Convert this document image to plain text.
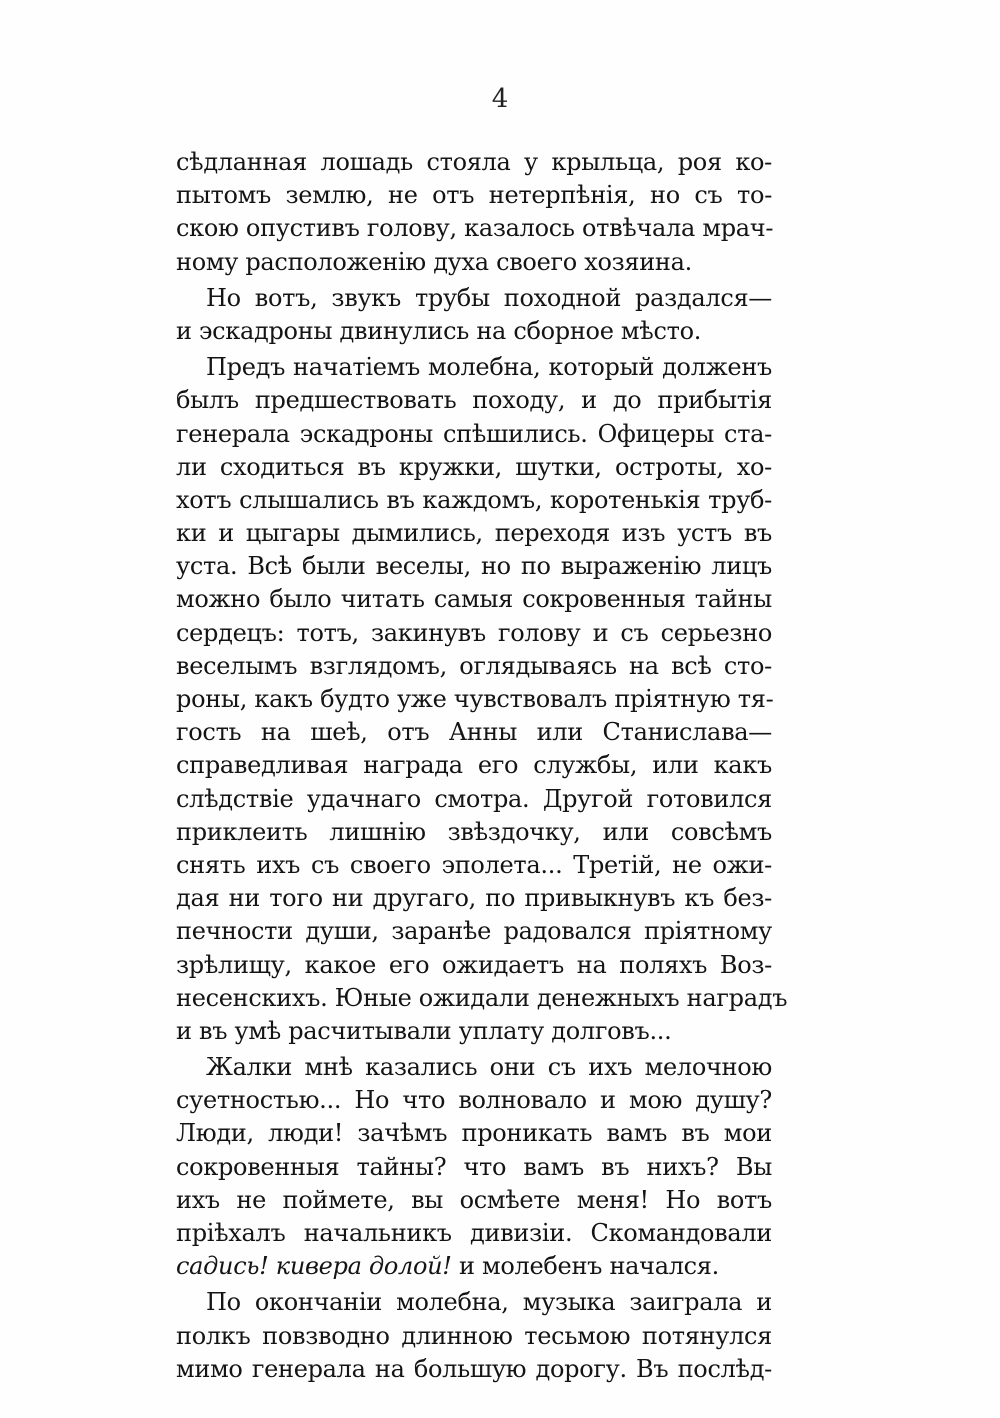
4
сѣдланная лошадь стояла у крыльца, роя ко-
пытомъ землю, не отъ нетерпѣнія, но съ то-
скою опустивъ голову, казалось отвѣчала мрач-
ному расположенію духа своего хозяина.
Но вотъ, звукъ трубы походной раздался—
и эскадроны двинулись на сборное мѣсто.
Предъ начатіемъ молебна, который долженъ
былъ предшествовать походу, и до прибытія
генерала эскадроны спѣшились. Офицеры ста-
ли сходиться въ кружки, шутки, остроты, хо-
хотъ слышались въ каждомъ, коротенькія труб-
ки и цыгары дымились, переходя изъ устъ въ
уста. Всѣ были веселы, но по выраженію лицъ
можно было читать самыя сокровенныя тайны
сердецъ: тотъ, закинувъ голову и съ серьезно
веселымъ взглядомъ, оглядываясь на всѣ сто-
роны, какъ будто уже чувствовалъ пріятную тя-
гость на шеѣ, отъ Анны или Станислава—
справедливая награда его службы, или какъ
слѣдствіе удачнаго смотра. Другой готовился
приклеить лишнію звѣздочку, или совсѣмъ
снять ихъ съ своего эполета... Третій, не ожи-
дая ни того ни другаго, по привыкнувъ къ без-
печности души, заранѣе радовался пріятному
зрѣлищу, какое его ожидаетъ на поляхъ Воз-
несенскихъ. Юные ожидали денежныхъ наградъ
и въ умѣ расчитывали уплату долговъ...
Жалки мнѣ казались они съ ихъ мелочною
суетностью... Но что волновало и мою душу?
Люди, люди! зачѣмъ проникать вамъ въ мои
сокровенныя тайны? что вамъ въ нихъ? Вы
ихъ не поймете, вы осмѣете меня! Но вотъ
пріѣхалъ начальникъ дивизіи. Скомандовали
садись! кивера долой! и молебенъ начался.
По окончаніи молебна, музыка заиграла и
полкъ повзводно длинною тесьмою потянулся
мимо генерала на большую дорогу. Въ послѣд-
